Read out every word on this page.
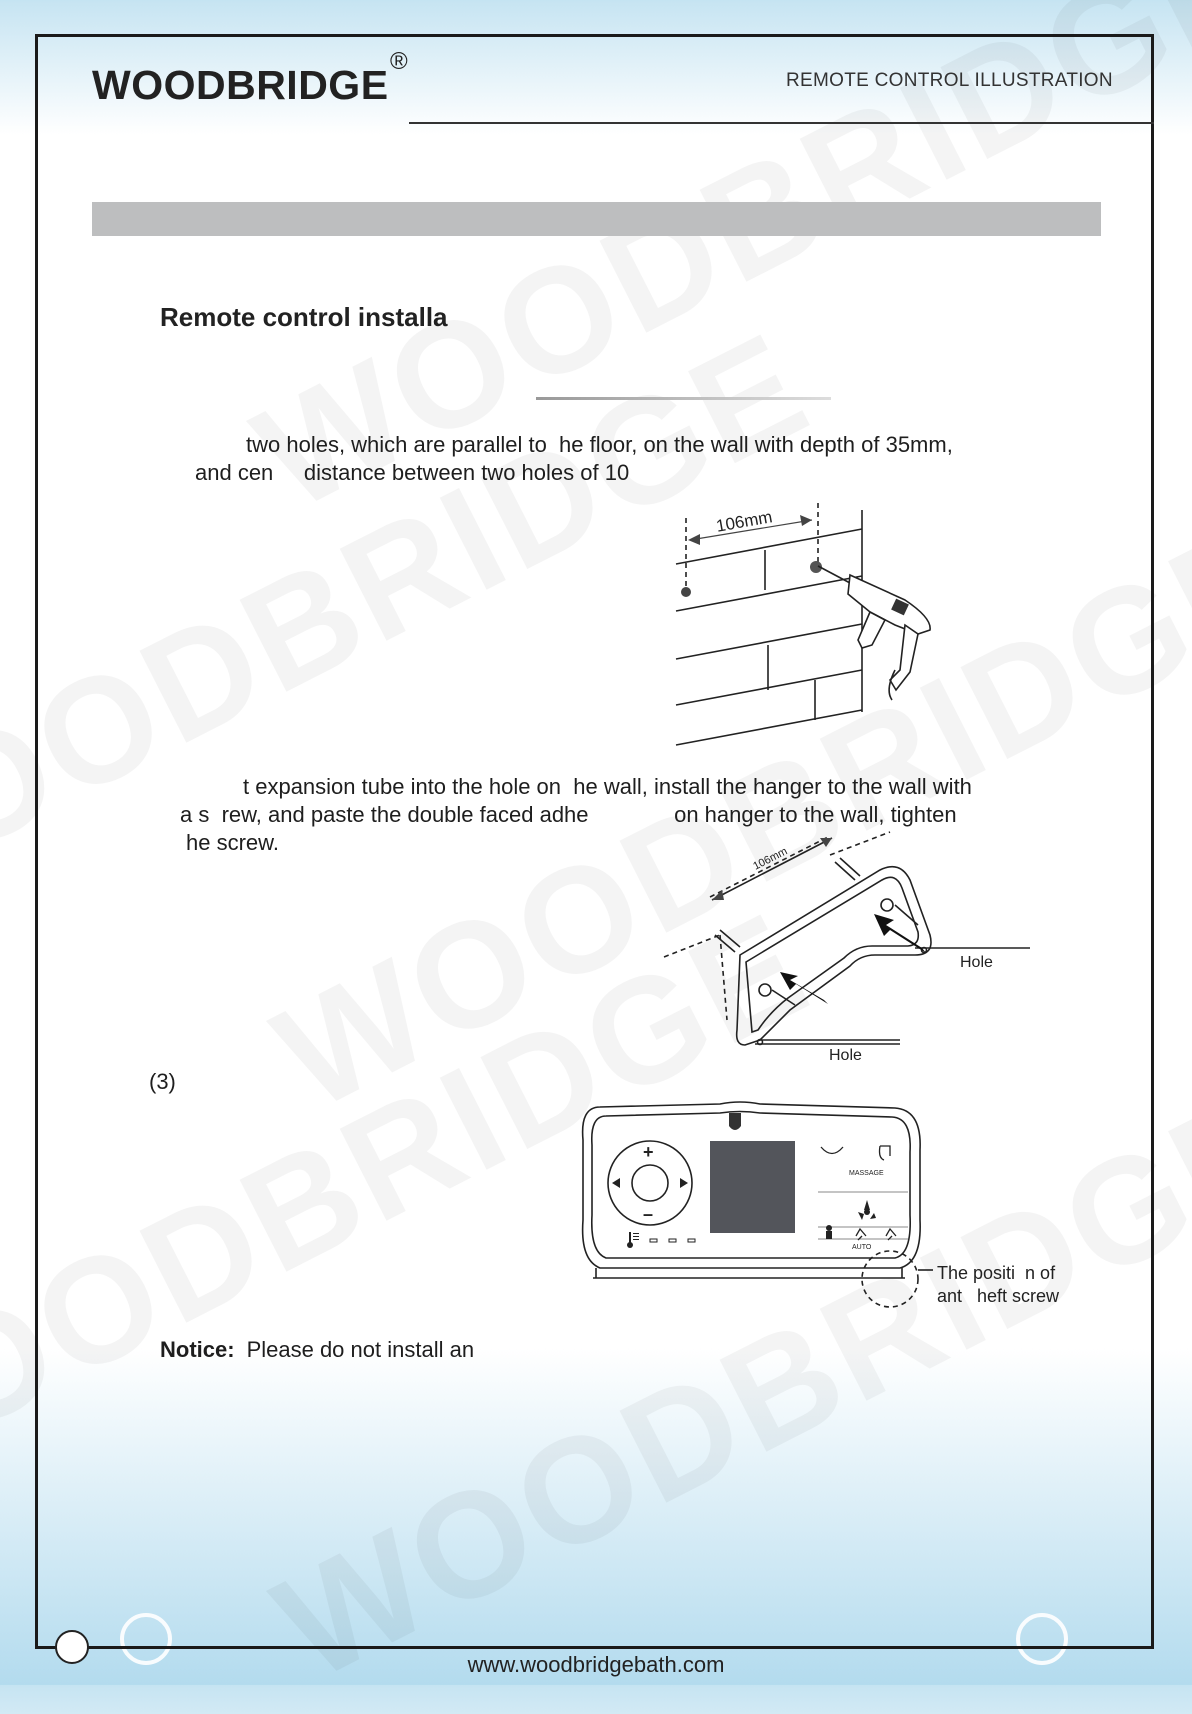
WOODBRIDGE
®
REMOTE CONTROL ILLUSTRATION
Remote control installa
two holes, which are parallel to  he floor, on the wall with depth of 35mm,
and cen     distance between two holes of 10
106mm
t expansion tube into the hole on  he wall, install the hanger to the wall with
a s  rew, and paste the double faced adhe              on hanger to the wall, tighten
he screw.
106mm
Hole
Hole
(3)
+
–
MASSAGE
AUTO
The positi  n of
ant   heft screw
Notice: Please do not install an
www.woodbridgebath.com
